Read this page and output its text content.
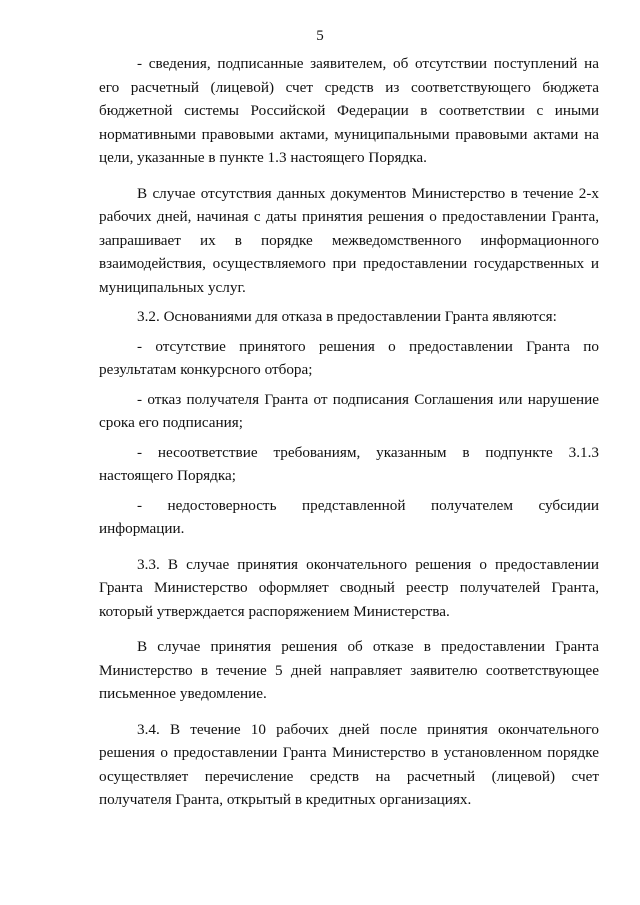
5

- сведения, подписанные заявителем, об отсутствии поступлений на его расчетный (лицевой) счет средств из соответствующего бюджета бюджетной системы Российской Федерации в соответствии с иными нормативными правовыми актами, муниципальными правовыми актами на цели, указанные в пункте 1.3 настоящего Порядка.

В случае отсутствия данных документов Министерство в течение 2-х рабочих дней, начиная с даты принятия решения о предоставлении Гранта, запрашивает их в порядке межведомственного информационного взаимодействия, осуществляемого при предоставлении государственных и муниципальных услуг.

3.2. Основаниями для отказа в предоставлении Гранта являются:

- отсутствие принятого решения о предоставлении Гранта по результатам конкурсного отбора;

- отказ получателя Гранта от подписания Соглашения или нарушение срока его подписания;

- несоответствие требованиям, указанным в подпункте 3.1.3 настоящего Порядка;

- недостоверность представленной получателем субсидии информации.

3.3. В случае принятия окончательного решения о предоставлении Гранта Министерство оформляет сводный реестр получателей Гранта, который утверждается распоряжением Министерства.

В случае принятия решения об отказе в предоставлении Гранта Министерство в течение 5 дней направляет заявителю соответствующее письменное уведомление.

3.4. В течение 10 рабочих дней после принятия окончательного решения о предоставлении Гранта Министерство в установленном порядке осуществляет перечисление средств на расчетный (лицевой) счет получателя Гранта, открытый в кредитных организациях.
